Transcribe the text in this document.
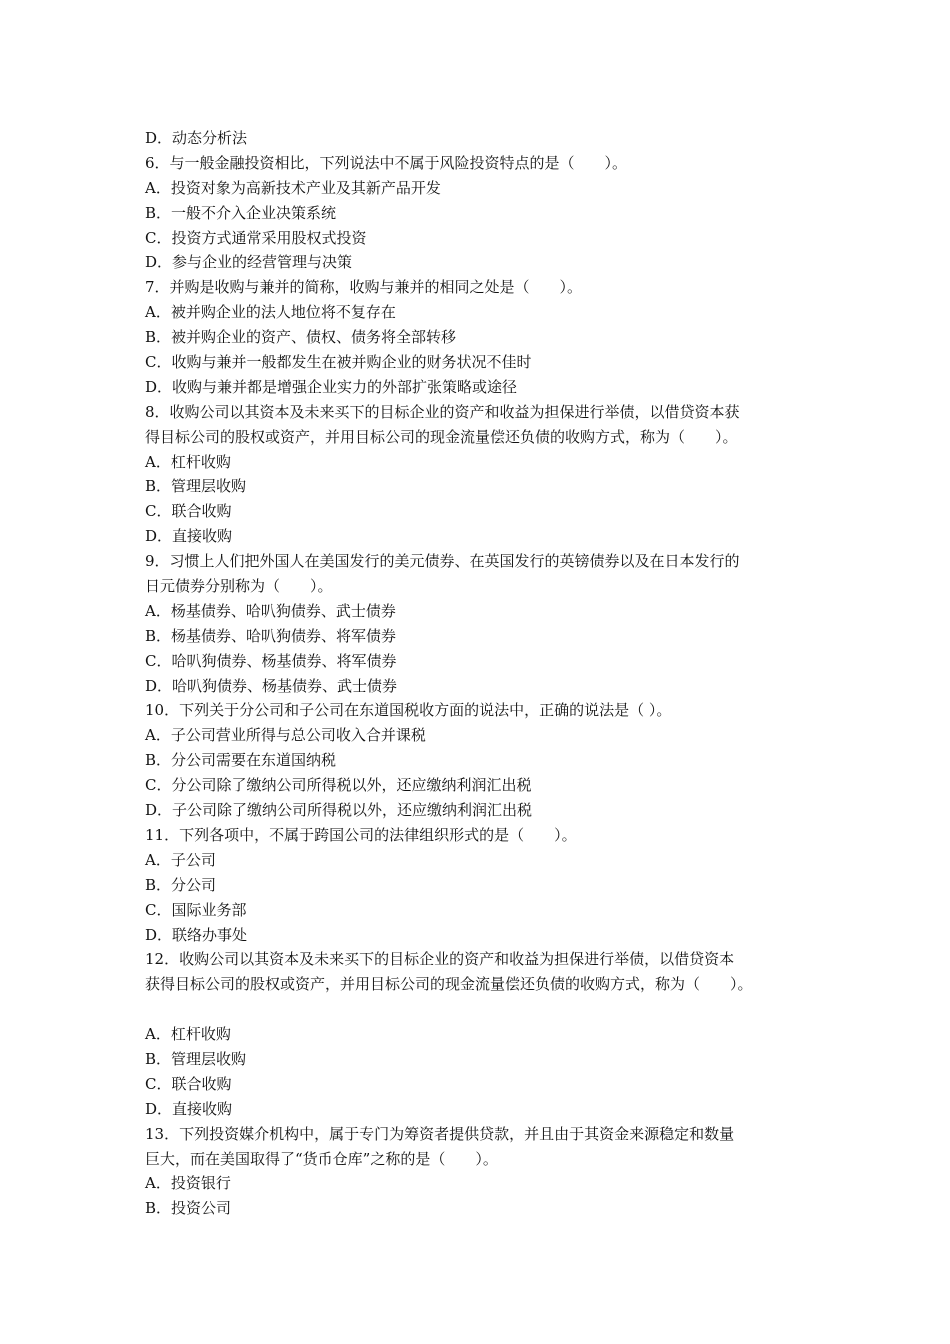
D．动态分析法
6．与一般金融投资相比，下列说法中不属于风险投资特点的是（　　）。
A．投资对象为高新技术产业及其新产品开发
B．一般不介入企业决策系统
C．投资方式通常采用股权式投资
D．参与企业的经营管理与决策
7．并购是收购与兼并的简称，收购与兼并的相同之处是（　　）。
A．被并购企业的法人地位将不复存在
B．被并购企业的资产、债权、债务将全部转移
C．收购与兼并一般都发生在被并购企业的财务状况不佳时
D．收购与兼并都是增强企业实力的外部扩张策略或途径
8．收购公司以其资本及未来买下的目标企业的资产和收益为担保进行举债，以借贷资本获
得目标公司的股权或资产，并用目标公司的现金流量偿还负债的收购方式，称为（　　）。
A．杠杆收购
B．管理层收购
C．联合收购
D．直接收购
9．习惯上人们把外国人在美国发行的美元债券、在英国发行的英镑债券以及在日本发行的
日元债券分别称为（　　）。
A．杨基债券、哈叭狗债券、武士债券
B．杨基债券、哈叭狗债券、将军债券
C．哈叭狗债券、杨基债券、将军债券
D．哈叭狗债券、杨基债券、武士债券
10．下列关于分公司和子公司在东道国税收方面的说法中，正确的说法是（ ）。
A．子公司营业所得与总公司收入合并课税
B．分公司需要在东道国纳税
C．分公司除了缴纳公司所得税以外，还应缴纳利润汇出税
D．子公司除了缴纳公司所得税以外，还应缴纳利润汇出税
11．下列各项中，不属于跨国公司的法律组织形式的是（　　）。
A．子公司
B．分公司
C．国际业务部
D．联络办事处
12．收购公司以其资本及未来买下的目标企业的资产和收益为担保进行举债，以借贷资本
获得目标公司的股权或资产，并用目标公司的现金流量偿还负债的收购方式，称为（　　）。
A．杠杆收购
B．管理层收购
C．联合收购
D．直接收购
13．下列投资媒介机构中，属于专门为筹资者提供贷款，并且由于其资金来源稳定和数量
巨大，而在美国取得了“货币仓库”之称的是（　　）。
A．投资银行
B．投资公司
